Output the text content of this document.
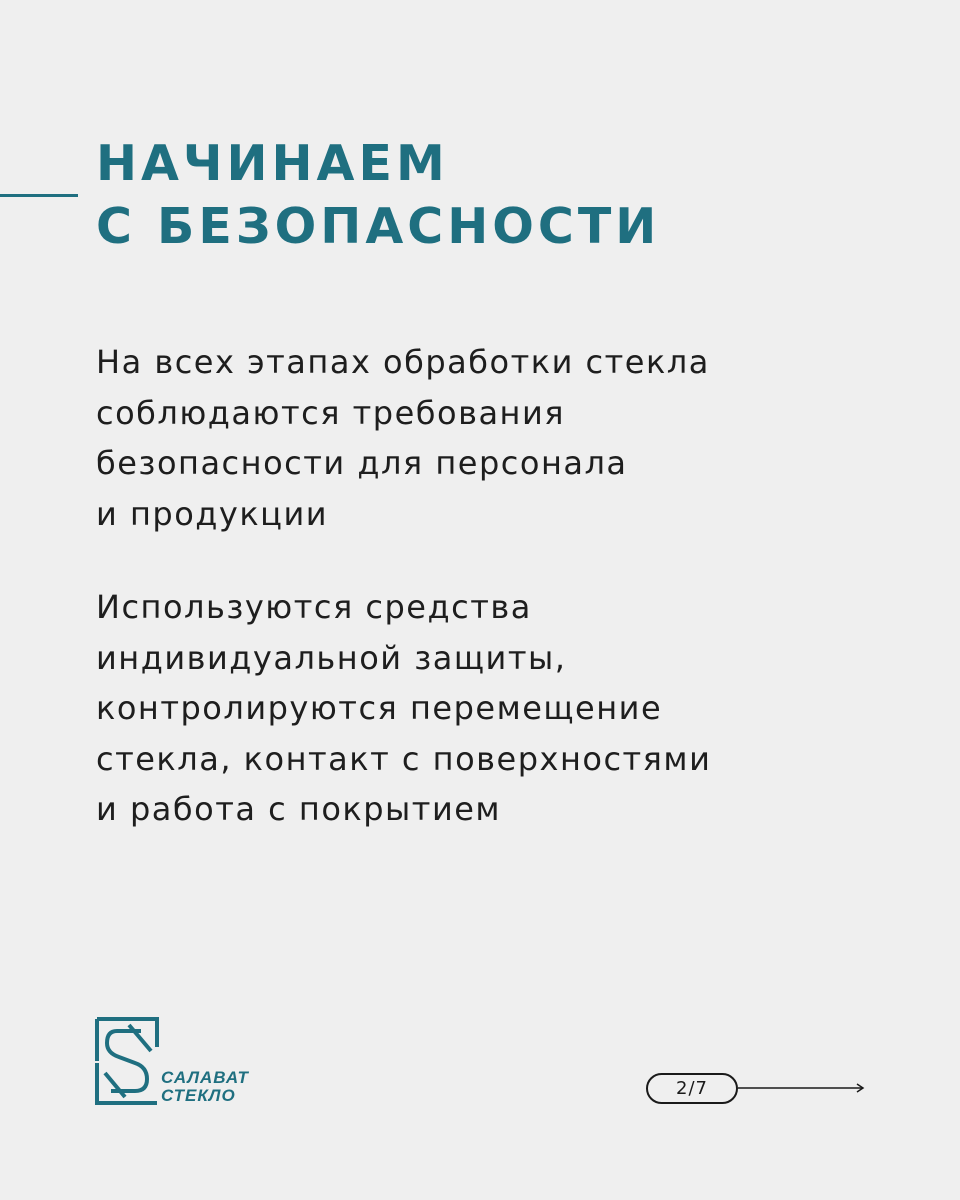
НАЧИНАЕМ
С БЕЗОПАСНОСТИ

На всех этапах обработки стекла
соблюдаются требования
безопасности для персонала
и продукции

Используются средства
индивидуальной защиты,
контролируются перемещение
стекла, контакт с поверхностями
и работа с покрытием

САЛАВАТ
СТЕКЛО	2/7
